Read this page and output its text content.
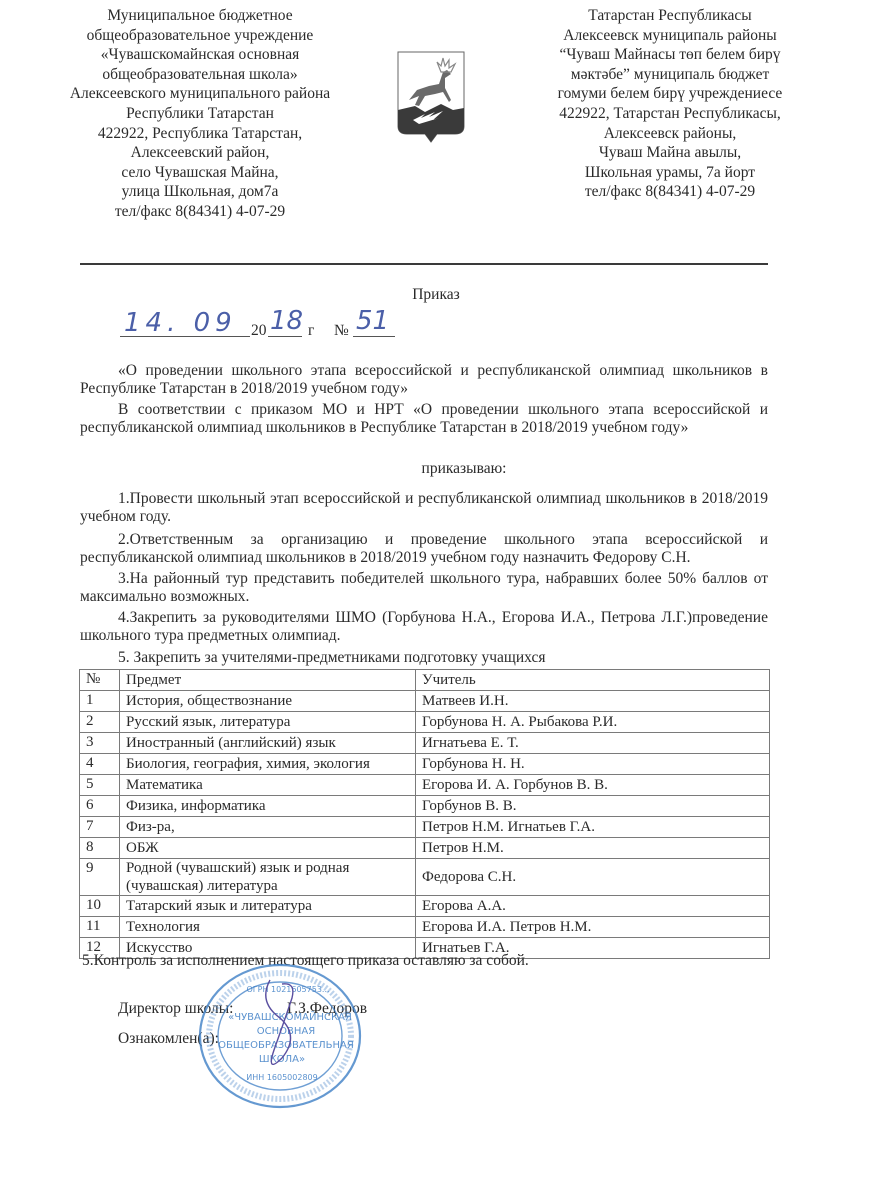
Муниципальное бюджетное
общеобразовательное учреждение
«Чувашскомайнская основная
общеобразовательная школа»
Алексеевского муниципального района
Республики Татарстан
422922, Республика Татарстан,
Алексеевский район,
село Чувашская Майна,
улица Школьная, дом7а
тел/факс 8(84341) 4-07-29
Татарстан Республикасы
Алексеевск муниципаль районы
“Чуваш Майнасы төп белем бирү
мәктәбе” муниципаль бюджет
гомуми белем бирү учреждениесе
422922, Татарстан Республикасы,
Алексеевск районы,
Чуваш Майна авылы,
Школьная урамы, 7а йорт
тел/факс 8(84341) 4-07-29
Приказ
14. 09 20 18 г № 51
«О проведении школьного этапа всероссийской и республиканской олимпиад школьников в Республике Татарстан в 2018/2019 учебном году»
В соответствии с приказом МО и НРТ «О проведении школьного этапа всероссийской и республиканской олимпиад школьников в Республике Татарстан в 2018/2019 учебном году»
приказываю:
1.Провести школьный этап всероссийской и республиканской олимпиад школьников в 2018/2019 учебном году.
2.Ответственным за организацию и проведение школьного этапа всероссийской и республиканской олимпиад школьников в 2018/2019 учебном году назначить Федорову С.Н.
3.На районный тур представить победителей школьного тура, набравших более 50% баллов от максимально возможных.
4.Закрепить за руководителями ШМО (Горбунова Н.А., Егорова И.А., Петрова Л.Г.)проведение школьного тура предметных олимпиад.
5. Закрепить за учителями-предметниками подготовку учащихся
№	Предмет	Учитель
1	История, обществознание	Матвеев И.Н.
2	Русский язык, литература	Горбунова Н. А. Рыбакова Р.И.
3	Иностранный (английский) язык	Игнатьева Е. Т.
4	Биология, география, химия, экология	Горбунова Н. Н.
5	Математика	Егорова И. А. Горбунов В. В.
6	Физика, информатика	Горбунов В. В.
7	Физ-ра,	Петров Н.М. Игнатьев Г.А.
8	ОБЖ	Петров Н.М.
9	Родной (чувашский) язык и родная (чувашская) литература	Федорова С.Н.
10	Татарский язык и литература	Егорова А.А.
11	Технология	Егорова И.А. Петров Н.М.
12	Искусство	Игнатьев Г.А.
5.Контроль за исполнением настоящего приказа оставляю за собой.
Директор школы:	Г.З.Федоров
Ознакомлен(а):
«ЧУВАШСКОМАЙНСКАЯ
ОСНОВНАЯ
ОБЩЕОБРАЗОВАТЕЛЬНАЯ
ШКОЛА»
ИНН 1605002809
ОГРН 1021605753...
